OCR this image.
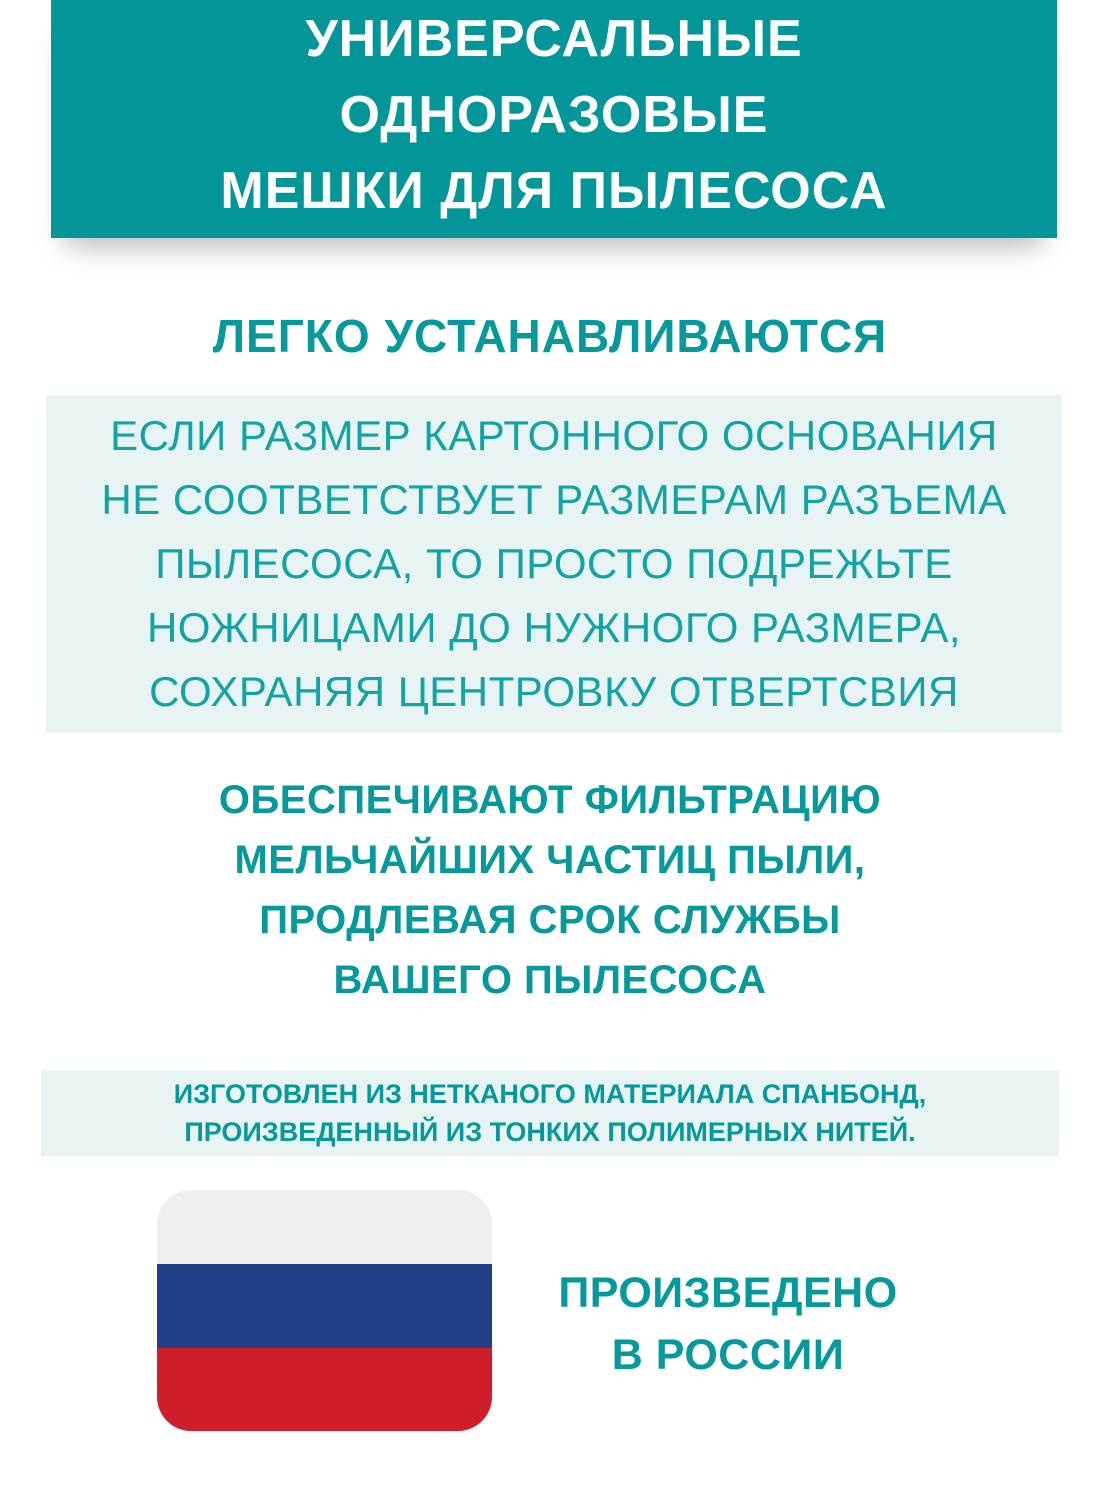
УНИВЕРСАЛЬНЫЕ
ОДНОРАЗОВЫЕ
МЕШКИ ДЛЯ ПЫЛЕСОСА
ЛЕГКО УСТАНАВЛИВАЮТСЯ
ЕСЛИ РАЗМЕР КАРТОННОГО ОСНОВАНИЯ
НЕ СООТВЕТСТВУЕТ РАЗМЕРАМ РАЗЪЕМА
ПЫЛЕСОСА, ТО ПРОСТО ПОДРЕЖЬТЕ
НОЖНИЦАМИ ДО НУЖНОГО РАЗМЕРА,
СОХРАНЯЯ ЦЕНТРОВКУ ОТВЕРТСВИЯ
ОБЕСПЕЧИВАЮТ ФИЛЬТРАЦИЮ
МЕЛЬЧАЙШИХ ЧАСТИЦ ПЫЛИ,
ПРОДЛЕВАЯ СРОК СЛУЖБЫ
ВАШЕГО ПЫЛЕСОСА
ИЗГОТОВЛЕН ИЗ НЕТКАНОГО МАТЕРИАЛА СПАНБОНД,
ПРОИЗВЕДЕННЫЙ ИЗ ТОНКИХ ПОЛИМЕРНЫХ НИТЕЙ.
ПРОИЗВЕДЕНО
В РОССИИ
